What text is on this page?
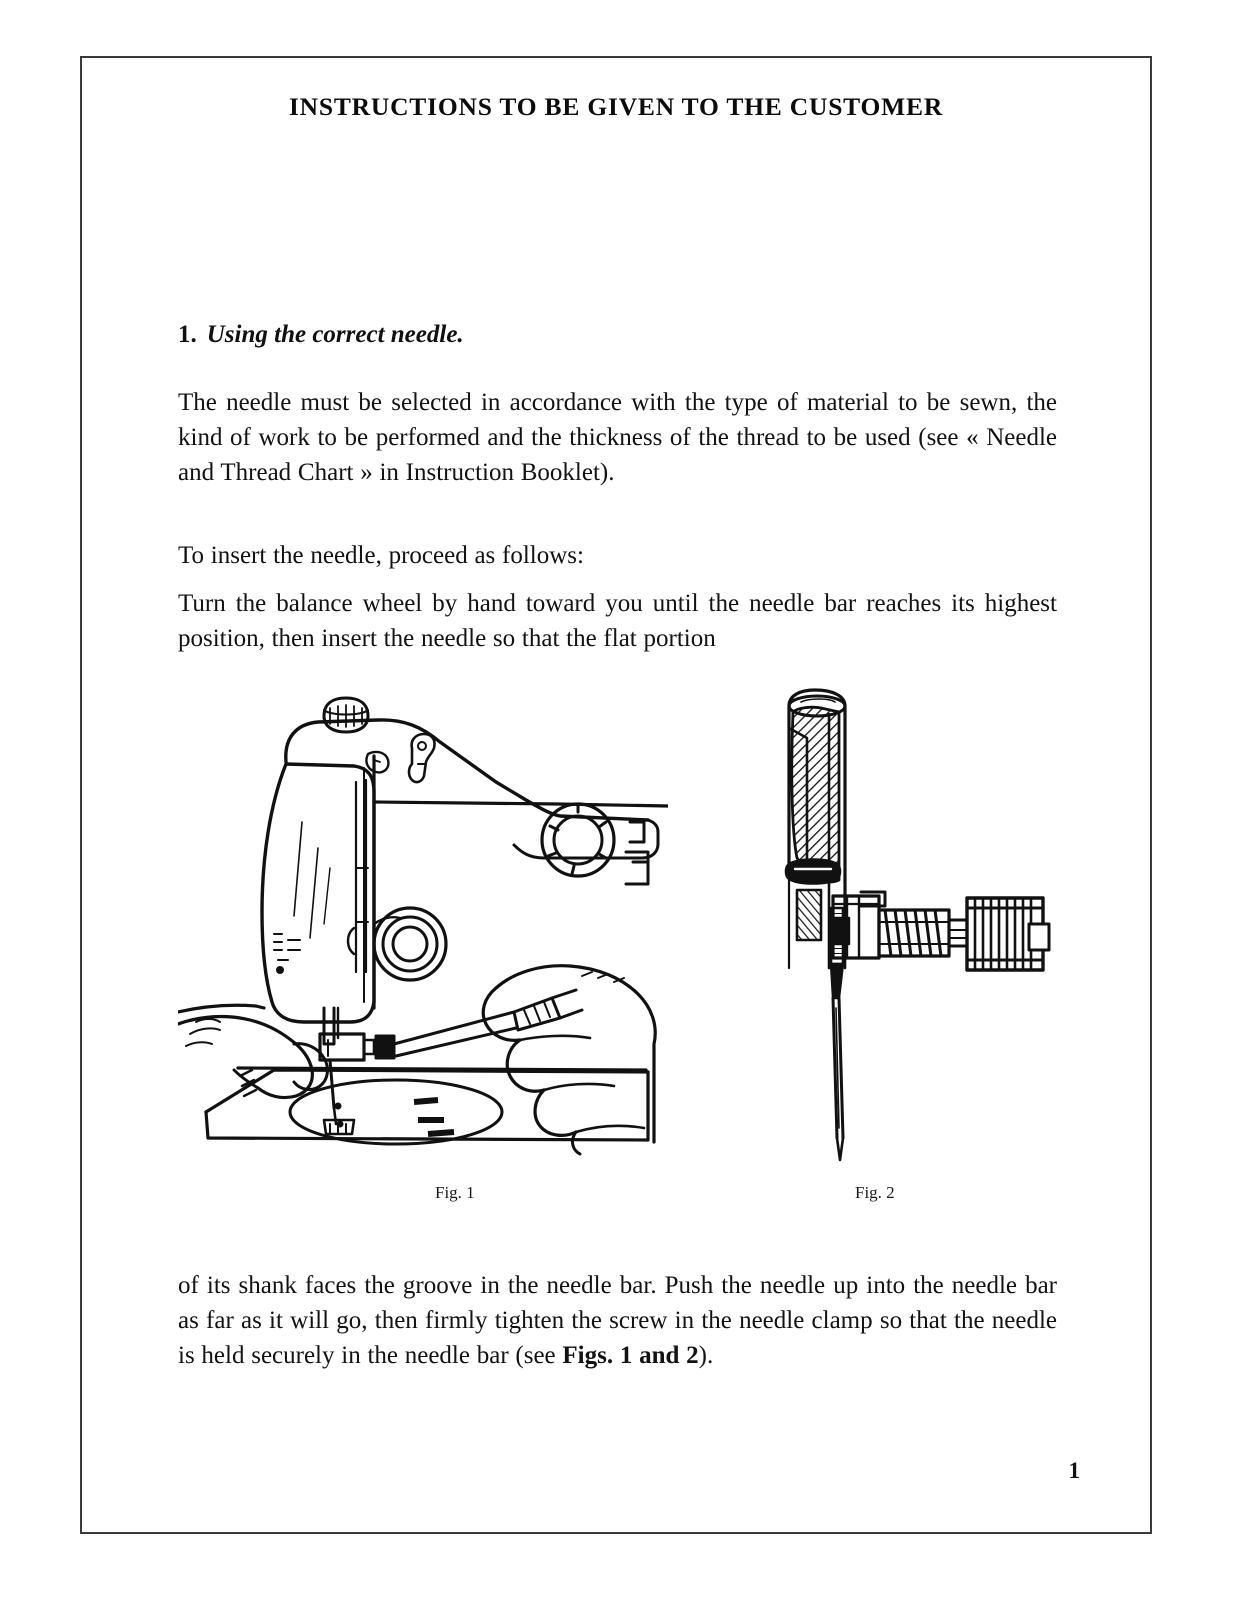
INSTRUCTIONS TO BE GIVEN TO THE CUSTOMER
1. Using the correct needle.

The needle must be selected in accordance with the type of material to be sewn, the kind of work to be performed and the thickness of the thread to be used (see « Needle and Thread Chart » in Instruction Booklet).

To insert the needle, proceed as follows:

Turn the balance wheel by hand toward you until the needle bar reaches its highest position, then insert the needle so that the flat portion

Fig. 1	Fig. 2

of its shank faces the groove in the needle bar. Push the needle up into the needle bar as far as it will go, then firmly tighten the screw in the needle clamp so that the needle is held securely in the needle bar (see Figs. 1 and 2).

1
